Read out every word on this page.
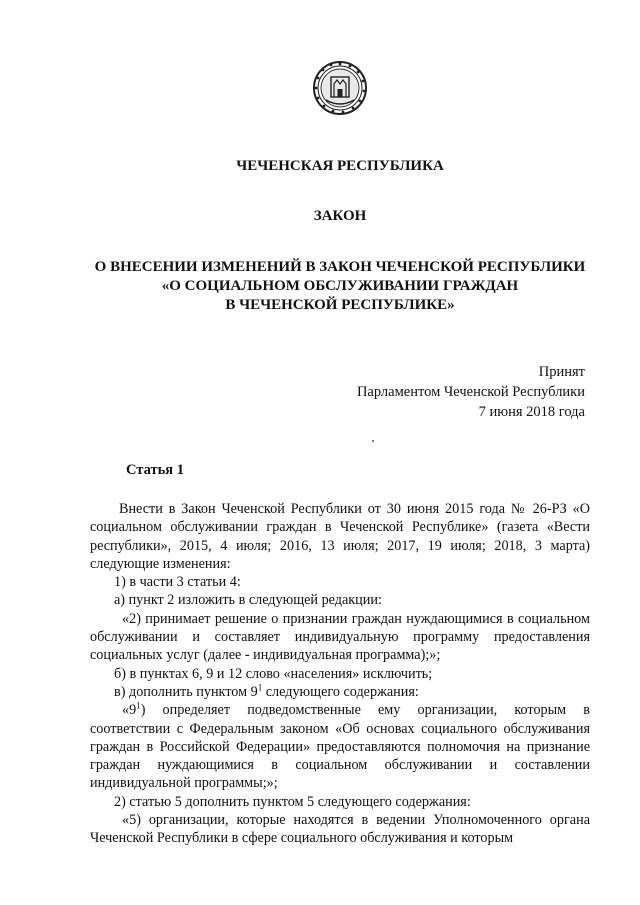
ЧЕЧЕНСКАЯ РЕСПУБЛИКА
ЗАКОН
О ВНЕСЕНИИ ИЗМЕНЕНИЙ В ЗАКОН ЧЕЧЕНСКОЙ РЕСПУБЛИКИ
«О СОЦИАЛЬНОМ ОБСЛУЖИВАНИИ ГРАЖДАН
В ЧЕЧЕНСКОЙ РЕСПУБЛИКЕ»
Принят
Парламентом Чеченской Республики
7 июня 2018 года
Статья 1

Внести в Закон Чеченской Республики от 30 июня 2015 года № 26-РЗ «О социальном обслуживании граждан в Чеченской Республике» (газета «Вести республики», 2015, 4 июля; 2016, 13 июля; 2017, 19 июля; 2018, 3 марта) следующие изменения:

1) в части 3 статьи 4:

а) пункт 2 изложить в следующей редакции:

«2) принимает решение о признании граждан нуждающимися в социальном обслуживании и составляет индивидуальную программу предоставления социальных услуг (далее - индивидуальная программа);»;

б) в пунктах 6, 9 и 12 слово «населения» исключить;

в) дополнить пунктом $9^1$ следующего содержания:

«$9^1$) определяет подведомственные ему организации, которым в соответствии с Федеральным законом «Об основах социального обслуживания граждан в Российской Федерации» предоставляются полномочия на признание граждан нуждающимися в социальном обслуживании и составлении индивидуальной программы;»;

2) статью 5 дополнить пунктом 5 следующего содержания:

«5) организации, которые находятся в ведении Уполномоченного органа Чеченской Республики в сфере социального обслуживания и которым
